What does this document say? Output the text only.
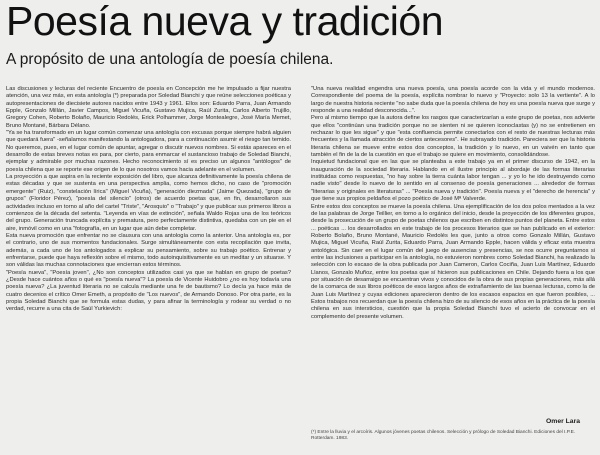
Poesía nueva y tradición
A propósito de una antología de poesía chilena.

Las discusiones y lecturas del reciente Encuentro de poesía en Concepción me he impulsado a fijar nuestra atención, una vez más, en esta antología (*) preparada por Soledad Bianchi y que reúne selecciones poéticas y autopresentaciones de diecisiete autores nacidos entre 1943 y 1961. Ellos son: Eduardo Parra, Juan Armando Epple, Gonzalo Millán, Javier Campos, Miguel Vicuña, Gustavo Mujica, Raúl Zurita, Carlos Alberto Trujillo, Gregory Cohen, Roberto Bolaño, Mauricio Redolés, Erick Polhammer, Jorge Montealegre, José María Memet, Bruno Montané, Bárbara Délano.

"Ya se ha transformado en un lugar común comenzar una antología con excusas porque siempre habrá alguien que quedará fuera" -señalamos manifestando la antologadora, para a continuación asumir el riesgo tan temido. No queremos, pues, en el lugar común de apuntar, agregar o discutir nuevos nombres. Si estás apareces en el desarrollo de estas breves notas es para, por cierto, para enmarcar el sustancioso trabajo de Soledad Bianchi, ejemplar y admirable por muchas razones. Hecho reconocimiento sí es preciso un algunos "antólogos" de poesía chilena que se reporte ese origen de lo que nosotros vamos hacia adelante en el volumen.

La proyección a que aspira en la reciente exposición del libro, que alcanza definitivamente la poesía chilena de estas décadas y que se sustenta en una perspectiva amplia, como hemos dicho, no caso de "promoción emergente" (Ruiz), "constelación lírica" (Miguel Vicuña), "generación diezmada" (Jaime Quezada), "grupo de grupos" (Floridor Pérez), "poesía del silencio" (otros) de acuerdo poetas que, en fin, desarrollaron sus actividades incluso en torno al año del cartel "Triste", "Arosquio" o "Trabajo" y que publicar sus primeros libros a comienzos de la década del setenta. "Leyenda en vías de extinción", señala Waldo Rojas una de los teóricos del grupo. Generación truncada explícita y prematura, pero perfectamente distintiva, quedaba con un pie en el aire, inmóvil como en una "fotografía, en un lugar que aún debe completar.

Esta nueva promoción que enfrentar no se clausura con una antología como la anterior. Una antología es, por el contrario, uno de sus momentos fundacionales. Surge simultáneamente con esta recopilación que invita, además, a cada uno de los antologados a explicar su pensamiento, sobre su trabajo poético. Entrenar y enfrentarse, puede que haya reflexión sobre el mismo, todo autoinquisitivamente es un meditar y un situarse. Y son válidas las muchas connotaciones que encierran estos términos.

"Poesía nueva", "Poesía joven", ¿No son conceptos utilizados casi ya que se hablan en grupo de poetas? ¿Desde hace cuántos años o qué es "poesía nueva"? La poesía de Vicente Huidobro ¿no es hoy todavía una poesía nueva? ¿La juventud literaria no se calcula mediante una fe de bautismo? Lo decía ya hace más de cuatro decenios el crítico Omer Emeth, a propósito de "Los nuevos", de Armando Donoso. Por otra parte, es la propia Soledad Bianchi que se formula estas dudas, y para afinar la terminología y rodear su verdad o no verdad, recurre a una cita de Saúl Yurkievich:

"Una nueva realidad engendra una nueva poesía, una poesía acorde con la vida y el mundo modernos. Correspondiente del poema de la poesía, explícita nombrar lo nuevo y "Proyecto: solo 13 la vertiente". A lo largo de nuestra historia reciente "no sabe duda que la poesía chilena de hoy es una poesía nueva que surge y responde a una realidad desconocida...".

Pero al mismo tiempo que la autora define los rasgos que caracterizarían a este grupo de poetas, nos advierte que ellos "continúan una tradición porque no se sienten ni se quieren iconoclastas (y) no se entretienen en rechazar lo que les sigue" y que "esta confluencia permite conectarlos con el resto de nuestras lecturas más frecuentes y la llamada atracción de ciertos antecesores". He subrayado tradición. Pareciera ser que la historia literaria chilena se mueve entre estos dos conceptos, la tradición y lo nuevo, en un vaivén en tanto que también el fin de la de la cuestión en que el trabajo se quiere en movimiento, consolidándose.

Inquietud fundacional que en las que se planteaba a este trabajo ya en el primer discurso de 1942, en la inauguración de la sociedad literaria. Hablando en el ilustre principio al abordaje de las formas literarias instituidas como respuestas, "no hay sobre la tierra cuánta labor tengan ... y yo lo he ido destruyendo como nadie visto" desde lo nuevo de lo sentido en al consenso de poesía generaciones ... alrededor de formas "literarias y originales en literaturas" ... "Poesía nueva y tradición". Poesía nueva y el "derecho de herencia" y que tiene sus propios peldaños el pozo poético de José Mª Valverde.

Entre estos dos conceptos se mueve la poesía chilena. Una ejemplificación de los dos polos mentados a la vez de las palabras de Jorge Teillier, en torno a lo orgánico del inicio, desde la proyección de los diferentes grupos, desde la prosecución de un grupo de poetas chilenos que escriben en distintos puntos del planeta. Entre estos ... poéticas ... los desarrollados en este trabajo de los procesos literarios que se han publicado en el exterior: Roberto Bolaño, Bruno Montané, Mauricio Redolés les que, junto a otros como Gonzalo Millán, Gustavo Mujica, Miguel Vicuña, Raúl Zurita, Eduardo Parra, Juan Armando Epple, hacen válida y eficaz esta muestra antológica. Sin caer en el lugar común del juego de ausencias y presencias, se nos ocurre preguntarnos si entre las inclusiones a participar en la antología, no estuvieron nombres como Soledad Bianchi, ha realizado la selección con lo escaso de la obra publicada por Juan Cameron, Carlos Cociña, Juan Luis Martínez, Eduardo Llanos, Gonzalo Muñoz, entre los poetas que sí hicieron sus publicaciones en Chile. Dejando fuera a los que por situación de desarraigo se encuentran vivos y conocidos de la obra de sus propias generaciones, más allá de la comarca de sus libros poéticos de esos largos años de extrañamiento de las buenas lecturas, como la de Juan Luis Martínez y cuyas ediciones aparecieron dentro de los escasos espacios en que fueron posibles, ... Estos trabajos nos recuerdan que la poesía chilena hizo de su silencio de esos años en la práctica de la poesía chilena en sus intersticios, cuestión que la propia Soledad Bianchi tuvo el acierto de convocar en el complemento del presente volumen.

Omer Lara
(*) Entre la lluvia y el arcoíris. Algunos jóvenes poetas chilenos. Selección y prólogo de Soledad Bianchi. Ediciones del I.P.E. Rotterdam. 1983.
